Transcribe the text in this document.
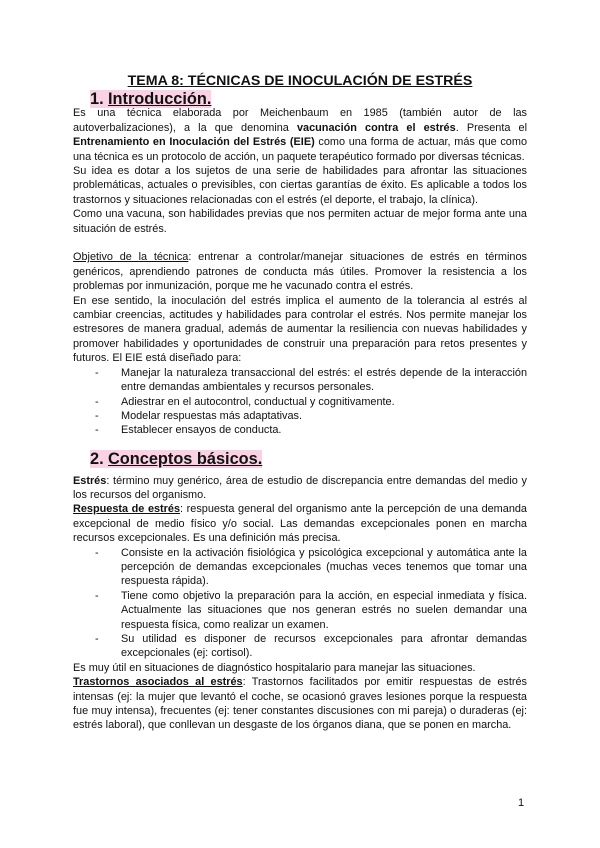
TEMA 8: TÉCNICAS DE INOCULACIÓN DE ESTRÉS
1. Introducción.

Es una técnica elaborada por Meichenbaum en 1985 (también autor de las autoverbalizaciones), a la que denomina vacunación contra el estrés. Presenta el Entrenamiento en Inoculación del Estrés (EIE) como una forma de actuar, más que como una técnica es un protocolo de acción, un paquete terapéutico formado por diversas técnicas.

Su idea es dotar a los sujetos de una serie de habilidades para afrontar las situaciones problemáticas, actuales o previsibles, con ciertas garantías de éxito. Es aplicable a todos los trastornos y situaciones relacionadas con el estrés (el deporte, el trabajo, la clínica).

Como una vacuna, son habilidades previas que nos permiten actuar de mejor forma ante una situación de estrés.

Objetivo de la técnica: entrenar a controlar/manejar situaciones de estrés en términos genéricos, aprendiendo patrones de conducta más útiles. Promover la resistencia a los problemas por inmunización, porque me he vacunado contra el estrés.

En ese sentido, la inoculación del estrés implica el aumento de la tolerancia al estrés al cambiar creencias, actitudes y habilidades para controlar el estrés. Nos permite manejar los estresores de manera gradual, además de aumentar la resiliencia con nuevas habilidades y promover habilidades y oportunidades de construir una preparación para retos presentes y futuros. El EIE está diseñado para:

- Manejar la naturaleza transaccional del estrés: el estrés depende de la interacción entre demandas ambientales y recursos personales.
- Adiestrar en el autocontrol, conductual y cognitivamente.
- Modelar respuestas más adaptativas.
- Establecer ensayos de conducta.
2. Conceptos básicos.

Estrés: término muy genérico, área de estudio de discrepancia entre demandas del medio y los recursos del organismo.

Respuesta de estrés: respuesta general del organismo ante la percepción de una demanda excepcional de medio físico y/o social. Las demandas excepcionales ponen en marcha recursos excepcionales. Es una definición más precisa.

- Consiste en la activación fisiológica y psicológica excepcional y automática ante la percepción de demandas excepcionales (muchas veces tenemos que tomar una respuesta rápida).
- Tiene como objetivo la preparación para la acción, en especial inmediata y física. Actualmente las situaciones que nos generan estrés no suelen demandar una respuesta física, como realizar un examen.
- Su utilidad es disponer de recursos excepcionales para afrontar demandas excepcionales (ej: cortisol).

Es muy útil en situaciones de diagnóstico hospitalario para manejar las situaciones.

Trastornos asociados al estrés: Trastornos facilitados por emitir respuestas de estrés intensas (ej: la mujer que levantó el coche, se ocasionó graves lesiones porque la respuesta fue muy intensa), frecuentes (ej: tener constantes discusiones con mi pareja) o duraderas (ej: estrés laboral), que conllevan un desgaste de los órganos diana, que se ponen en marcha.

1
